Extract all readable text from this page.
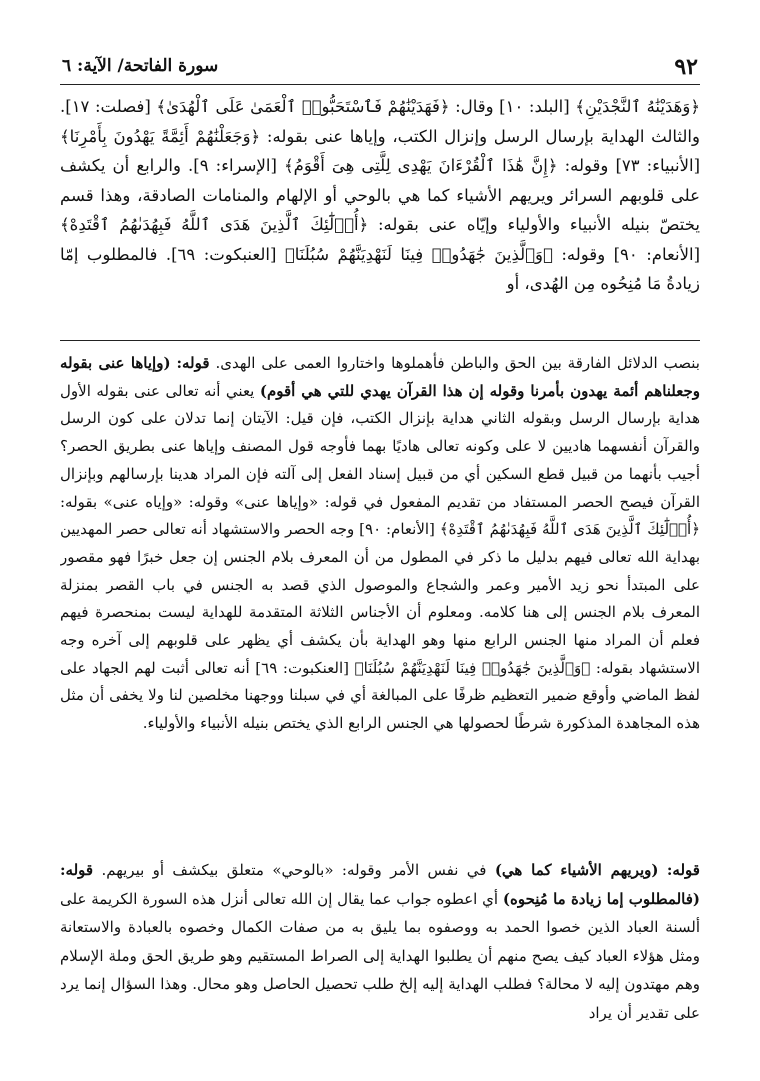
٩٢
سورة الفاتحة/ الآية: ٦

﴿وَهَدَيْنَٰهُ ٱلنَّجْدَيْنِ﴾ [البلد: ١٠] وقال: ﴿فَهَدَيْنَٰهُمْ فَٱسْتَحَبُّوا۟ ٱلْعَمَىٰ عَلَى ٱلْهُدَىٰ﴾ [فصلت: ١٧]. والثالث الهداية بإرسال الرسل وإنزال الكتب، وإياها عنى بقوله: ﴿وَجَعَلْنَٰهُمْ أَئِمَّةً يَهْدُونَ بِأَمْرِنَا﴾ [الأنبياء: ٧٣] وقوله: ﴿إِنَّ هَٰذَا ٱلْقُرْءَانَ يَهْدِى لِلَّتِى هِىَ أَقْوَمُ﴾ [الإسراء: ٩]. والرابع أن يكشف على قلوبهم السرائر ويريهم الأشياء كما هي بالوحي أو الإلهام والمنامات الصادقة، وهذا قسم يختصّ بنيله الأنبياء والأولياء وإيّاه عنى بقوله: ﴿أُو۟لَٰٓئِكَ ٱلَّذِينَ هَدَى ٱللَّهُ فَبِهُدَىٰهُمُ ٱقْتَدِهْ﴾ [الأنعام: ٩٠] وقوله: ﴿وَٱلَّذِينَ جَٰهَدُوا۟ فِينَا لَنَهْدِيَنَّهُمْ سُبُلَنَا﴾ [العنبكوت: ٦٩]. فالمطلوب إمّا زيادةُ مَا مُنِحُوه مِن الهُدى، أو

بنصب الدلائل الفارقة بين الحق والباطن فأهملوها واختاروا العمى على الهدى. قوله: (وإياها عنى بقوله وجعلناهم أئمة يهدون بأمرنا وقوله إن هذا القرآن يهدي للتي هي أقوم) يعني أنه تعالى عنى بقوله الأول هداية بإرسال الرسل وبقوله الثاني هداية بإنزال الكتب، فإن قيل: الآيتان إنما تدلان على كون الرسل والقرآن أنفسهما هاديين لا على وكونه تعالى هاديًا بهما فأوجه قول المصنف وإياها عنى بطريق الحصر؟ أجيب بأنهما من قبيل قطع السكين أي من قبيل إسناد الفعل إلى آلته فإن المراد هدينا بإرسالهم وبإنزال القرآن فيصح الحصر المستفاد من تقديم المفعول في قوله: «وإياها عنى» وقوله: «وإياه عنى» بقوله: ﴿أُو۟لَٰٓئِكَ ٱلَّذِينَ هَدَى ٱللَّهُ فَبِهُدَىٰهُمُ ٱقْتَدِهْ﴾ [الأنعام: ٩٠] وجه الحصر والاستشهاد أنه تعالى حصر المهديين بهداية الله تعالى فيهم بدليل ما ذكر في المطول من أن المعرف بلام الجنس إن جعل خبرًا فهو مقصور على المبتدأ نحو زيد الأمير وعمر والشجاع والموصول الذي قصد به الجنس في باب القصر بمنزلة المعرف بلام الجنس إلى هنا كلامه. ومعلوم أن الأجناس الثلاثة المتقدمة للهداية ليست بمنحصرة فيهم فعلم أن المراد منها الجنس الرابع منها وهو الهداية بأن يكشف أي يظهر على قلوبهم إلى آخره وجه الاستشهاد بقوله: ﴿وَٱلَّذِينَ جَٰهَدُوا۟ فِينَا لَنَهْدِيَنَّهُمْ سُبُلَنَا﴾ [العنكبوت: ٦٩] أنه تعالى أثبت لهم الجهاد على لفظ الماضي وأوقع ضمير التعظيم ظرفًا على المبالغة أي في سبلنا ووجهنا مخلصين لنا ولا يخفى أن مثل هذه المجاهدة المذكورة شرطًا لحصولها هي الجنس الرابع الذي يختص بنيله الأنبياء والأولياء.

قوله: (ويريهم الأشياء كما هي) في نفس الأمر وقوله: «بالوحي» متعلق بيكشف أو بيريهم. قوله: (فالمطلوب إما زيادة ما مُنِحوه) أي اعطوه جواب عما يقال إن الله تعالى أنزل هذه السورة الكريمة على ألسنة العباد الذين خصوا الحمد به ووصفوه بما يليق به من صفات الكمال وخصوه بالعبادة والاستعانة ومثل هؤلاء العباد كيف يصح منهم أن يطلبوا الهداية إلى الصراط المستقيم وهو طريق الحق وملة الإسلام وهم مهتدون إليه لا محالة؟ فطلب الهداية إليه إلخ طلب تحصيل الحاصل وهو محال. وهذا السؤال إنما يرد على تقدير أن يراد
